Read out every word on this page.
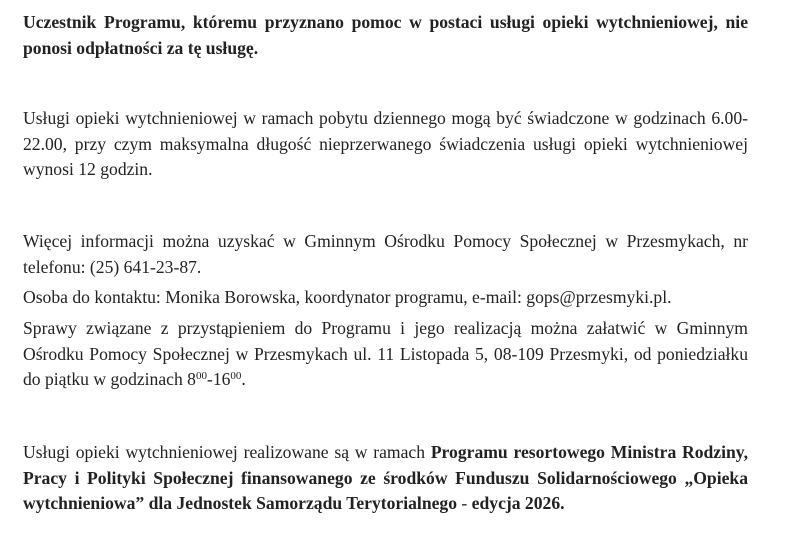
Uczestnik Programu, któremu przyznano pomoc w postaci usługi opieki wytchnieniowej, nie ponosi odpłatności za tę usługę.

Usługi opieki wytchnieniowej w ramach pobytu dziennego mogą być świadczone w godzinach 6.00-22.00, przy czym maksymalna długość nieprzerwanego świadczenia usługi opieki wytchnieniowej wynosi 12 godzin.

Więcej informacji można uzyskać w Gminnym Ośrodku Pomocy Społecznej w Przesmykach, nr telefonu: (25) 641-23-87.

Osoba do kontaktu: Monika Borowska, koordynator programu, e-mail: gops@przesmyki.pl.

Sprawy związane z przystąpieniem do Programu i jego realizacją można załatwić w Gminnym Ośrodku Pomocy Społecznej w Przesmykach ul. 11 Listopada 5, 08-109 Przesmyki, od poniedziałku do piątku w godzinach $8^{00}-16^{00}$.

Usługi opieki wytchnieniowej realizowane są w ramach Programu resortowego Ministra Rodziny, Pracy i Polityki Społecznej finansowanego ze środków Funduszu Solidarnościowego „Opieka wytchnieniowa” dla Jednostek Samorządu Terytorialnego - edycja 2026.
